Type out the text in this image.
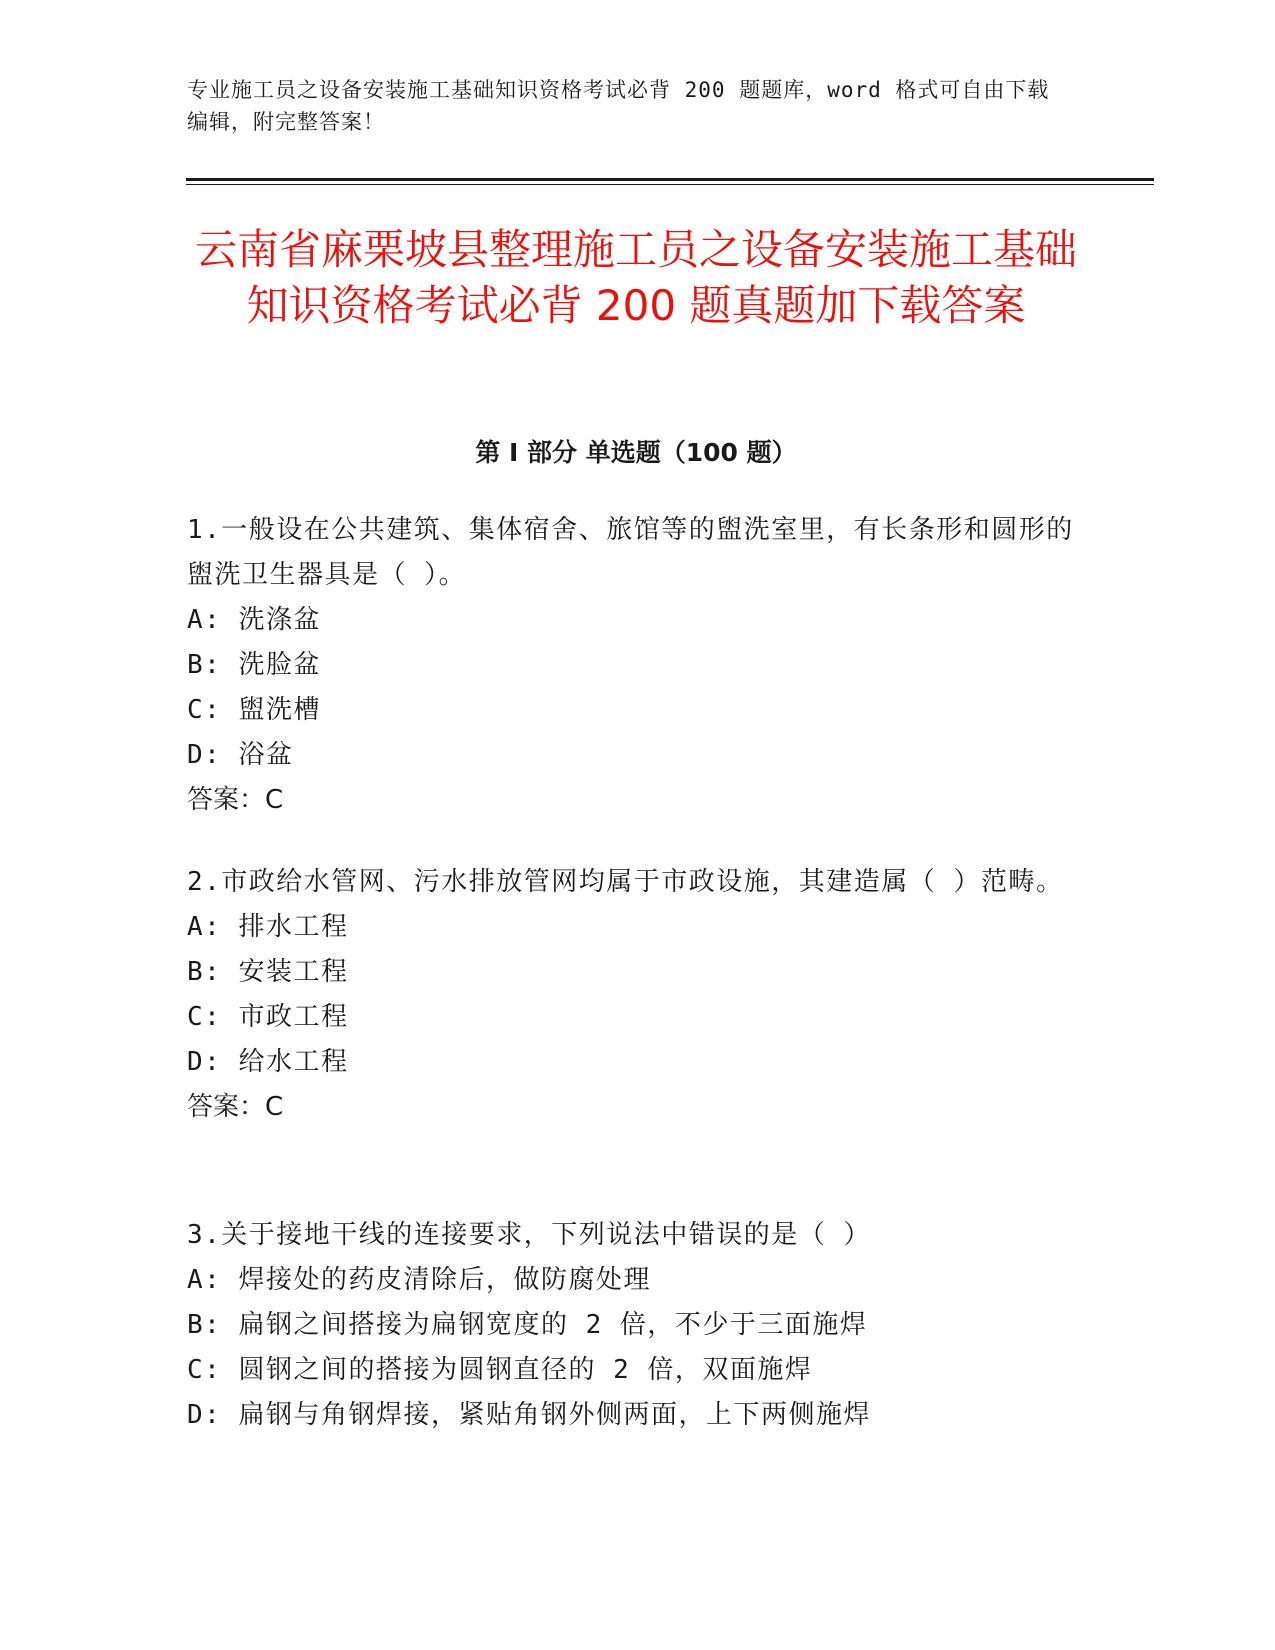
专业施工员之设备安装施工基础知识资格考试必背 200 题题库，word 格式可自由下载编辑，附完整答案！
云南省麻栗坡县整理施工员之设备安装施工基础知识资格考试必背 200 题真题加下载答案
第 I 部分 单选题（100 题）
1.一般设在公共建筑、集体宿舍、旅馆等的盥洗室里，有长条形和圆形的盥洗卫生器具是（ ）。
A: 洗涤盆
B: 洗脸盆
C: 盥洗槽
D: 浴盆
答案：C
2.市政给水管网、污水排放管网均属于市政设施，其建造属（ ）范畴。
A: 排水工程
B: 安装工程
C: 市政工程
D: 给水工程
答案：C
3.关于接地干线的连接要求，下列说法中错误的是（ ）
A: 焊接处的药皮清除后，做防腐处理
B: 扁钢之间搭接为扁钢宽度的 2 倍，不少于三面施焊
C: 圆钢之间的搭接为圆钢直径的 2 倍，双面施焊
D: 扁钢与角钢焊接，紧贴角钢外侧两面，上下两侧施焊
